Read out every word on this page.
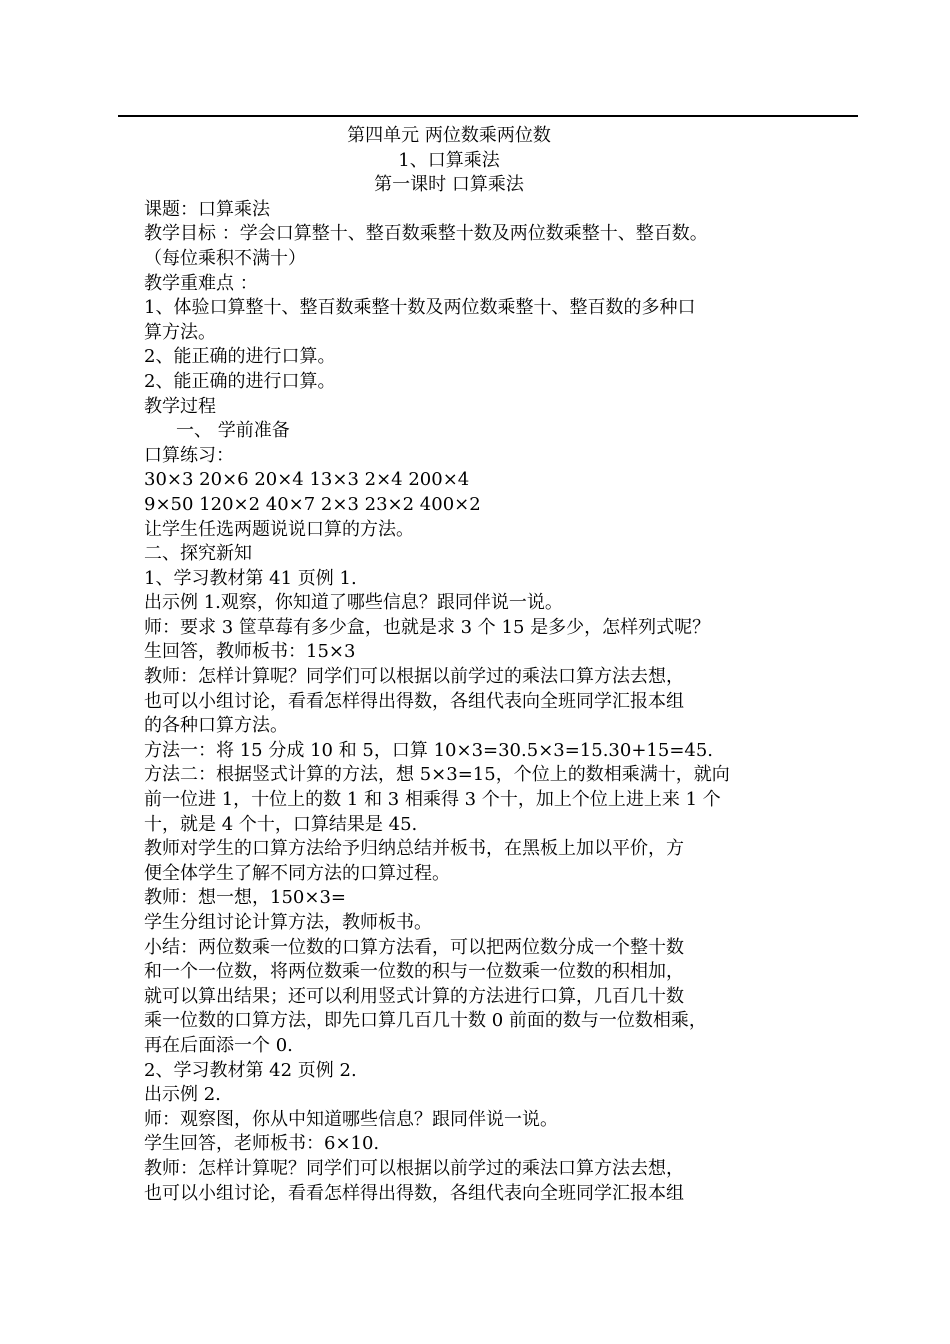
第四单元 两位数乘两位数
1、口算乘法
第一课时 口算乘法
课题：口算乘法
教学目标 ：学会口算整十、整百数乘整十数及两位数乘整十、整百数。
（每位乘积不满十）
教学重难点 ：
1、体验口算整十、整百数乘整十数及两位数乘整十、整百数的多种口
算方法。
2、能正确的进行口算。
2、能正确的进行口算。
教学过程
一、 学前准备
口算练习：
30×3 20×6 20×4 13×3 2×4 200×4
9×50 120×2 40×7 2×3 23×2 400×2
让学生任选两题说说口算的方法。
二、探究新知
1、学习教材第 41 页例 1.
出示例 1.观察，你知道了哪些信息？跟同伴说一说。
师：要求 3 筐草莓有多少盒，也就是求 3 个 15 是多少，怎样列式呢？
生回答，教师板书：15×3
教师：怎样计算呢？同学们可以根据以前学过的乘法口算方法去想，
也可以小组讨论，看看怎样得出得数，各组代表向全班同学汇报本组
的各种口算方法。
方法一：将 15 分成 10 和 5，口算 10×3=30.5×3=15.30+15=45.
方法二：根据竖式计算的方法，想 5×3=15，个位上的数相乘满十，就向
前一位进 1，十位上的数 1 和 3 相乘得 3 个十，加上个位上进上来 1 个
十，就是 4 个十，口算结果是 45.
教师对学生的口算方法给予归纳总结并板书，在黑板上加以平价，方
便全体学生了解不同方法的口算过程。
教师：想一想，150×3=
学生分组讨论计算方法，教师板书。
小结：两位数乘一位数的口算方法看，可以把两位数分成一个整十数
和一个一位数，将两位数乘一位数的积与一位数乘一位数的积相加，
就可以算出结果；还可以利用竖式计算的方法进行口算，几百几十数
乘一位数的口算方法，即先口算几百几十数 0 前面的数与一位数相乘，
再在后面添一个 0.
2、学习教材第 42 页例 2.
出示例 2.
师：观察图，你从中知道哪些信息？跟同伴说一说。
学生回答，老师板书：6×10.
教师：怎样计算呢？同学们可以根据以前学过的乘法口算方法去想，
也可以小组讨论，看看怎样得出得数，各组代表向全班同学汇报本组
